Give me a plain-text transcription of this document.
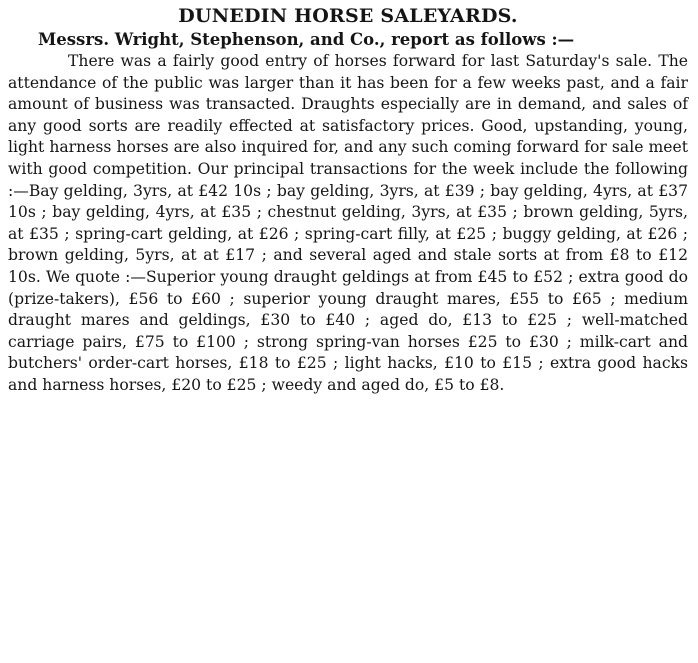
DUNEDIN HORSE SALEYARDS.

Messrs. Wright, Stephenson, and Co., report as follows :—

There was a fairly good entry of horses forward for last Saturday's sale. The attendance of the public was larger than it has been for a few weeks past, and a fair amount of business was transacted. Draughts especially are in demand, and sales of any good sorts are readily effected at satisfactory prices. Good, upstanding, young, light harness horses are also inquired for, and any such coming forward for sale meet with good competition. Our principal transactions for the week include the following :—Bay gelding, 3yrs, at £42 10s ; bay gelding, 3yrs, at £39 ; bay gelding, 4yrs, at £37 10s ; bay gelding, 4yrs, at £35 ; chestnut gelding, 3yrs, at £35 ; brown gelding, 5yrs, at £35 ; spring-cart gelding, at £26 ; spring-cart filly, at £25 ; buggy gelding, at £26 ; brown gelding, 5yrs, at at £17 ; and several aged and stale sorts at from £8 to £12 10s. We quote :—Superior young draught geldings at from £45 to £52 ; extra good do (prize-takers), £56 to £60 ; superior young draught mares, £55 to £65 ; medium draught mares and geldings, £30 to £40 ; aged do, £13 to £25 ; well-matched carriage pairs, £75 to £100 ; strong spring-van horses £25 to £30 ; milk-cart and butchers' order-cart horses, £18 to £25 ; light hacks, £10 to £15 ; extra good hacks and harness horses, £20 to £25 ; weedy and aged do, £5 to £8.
